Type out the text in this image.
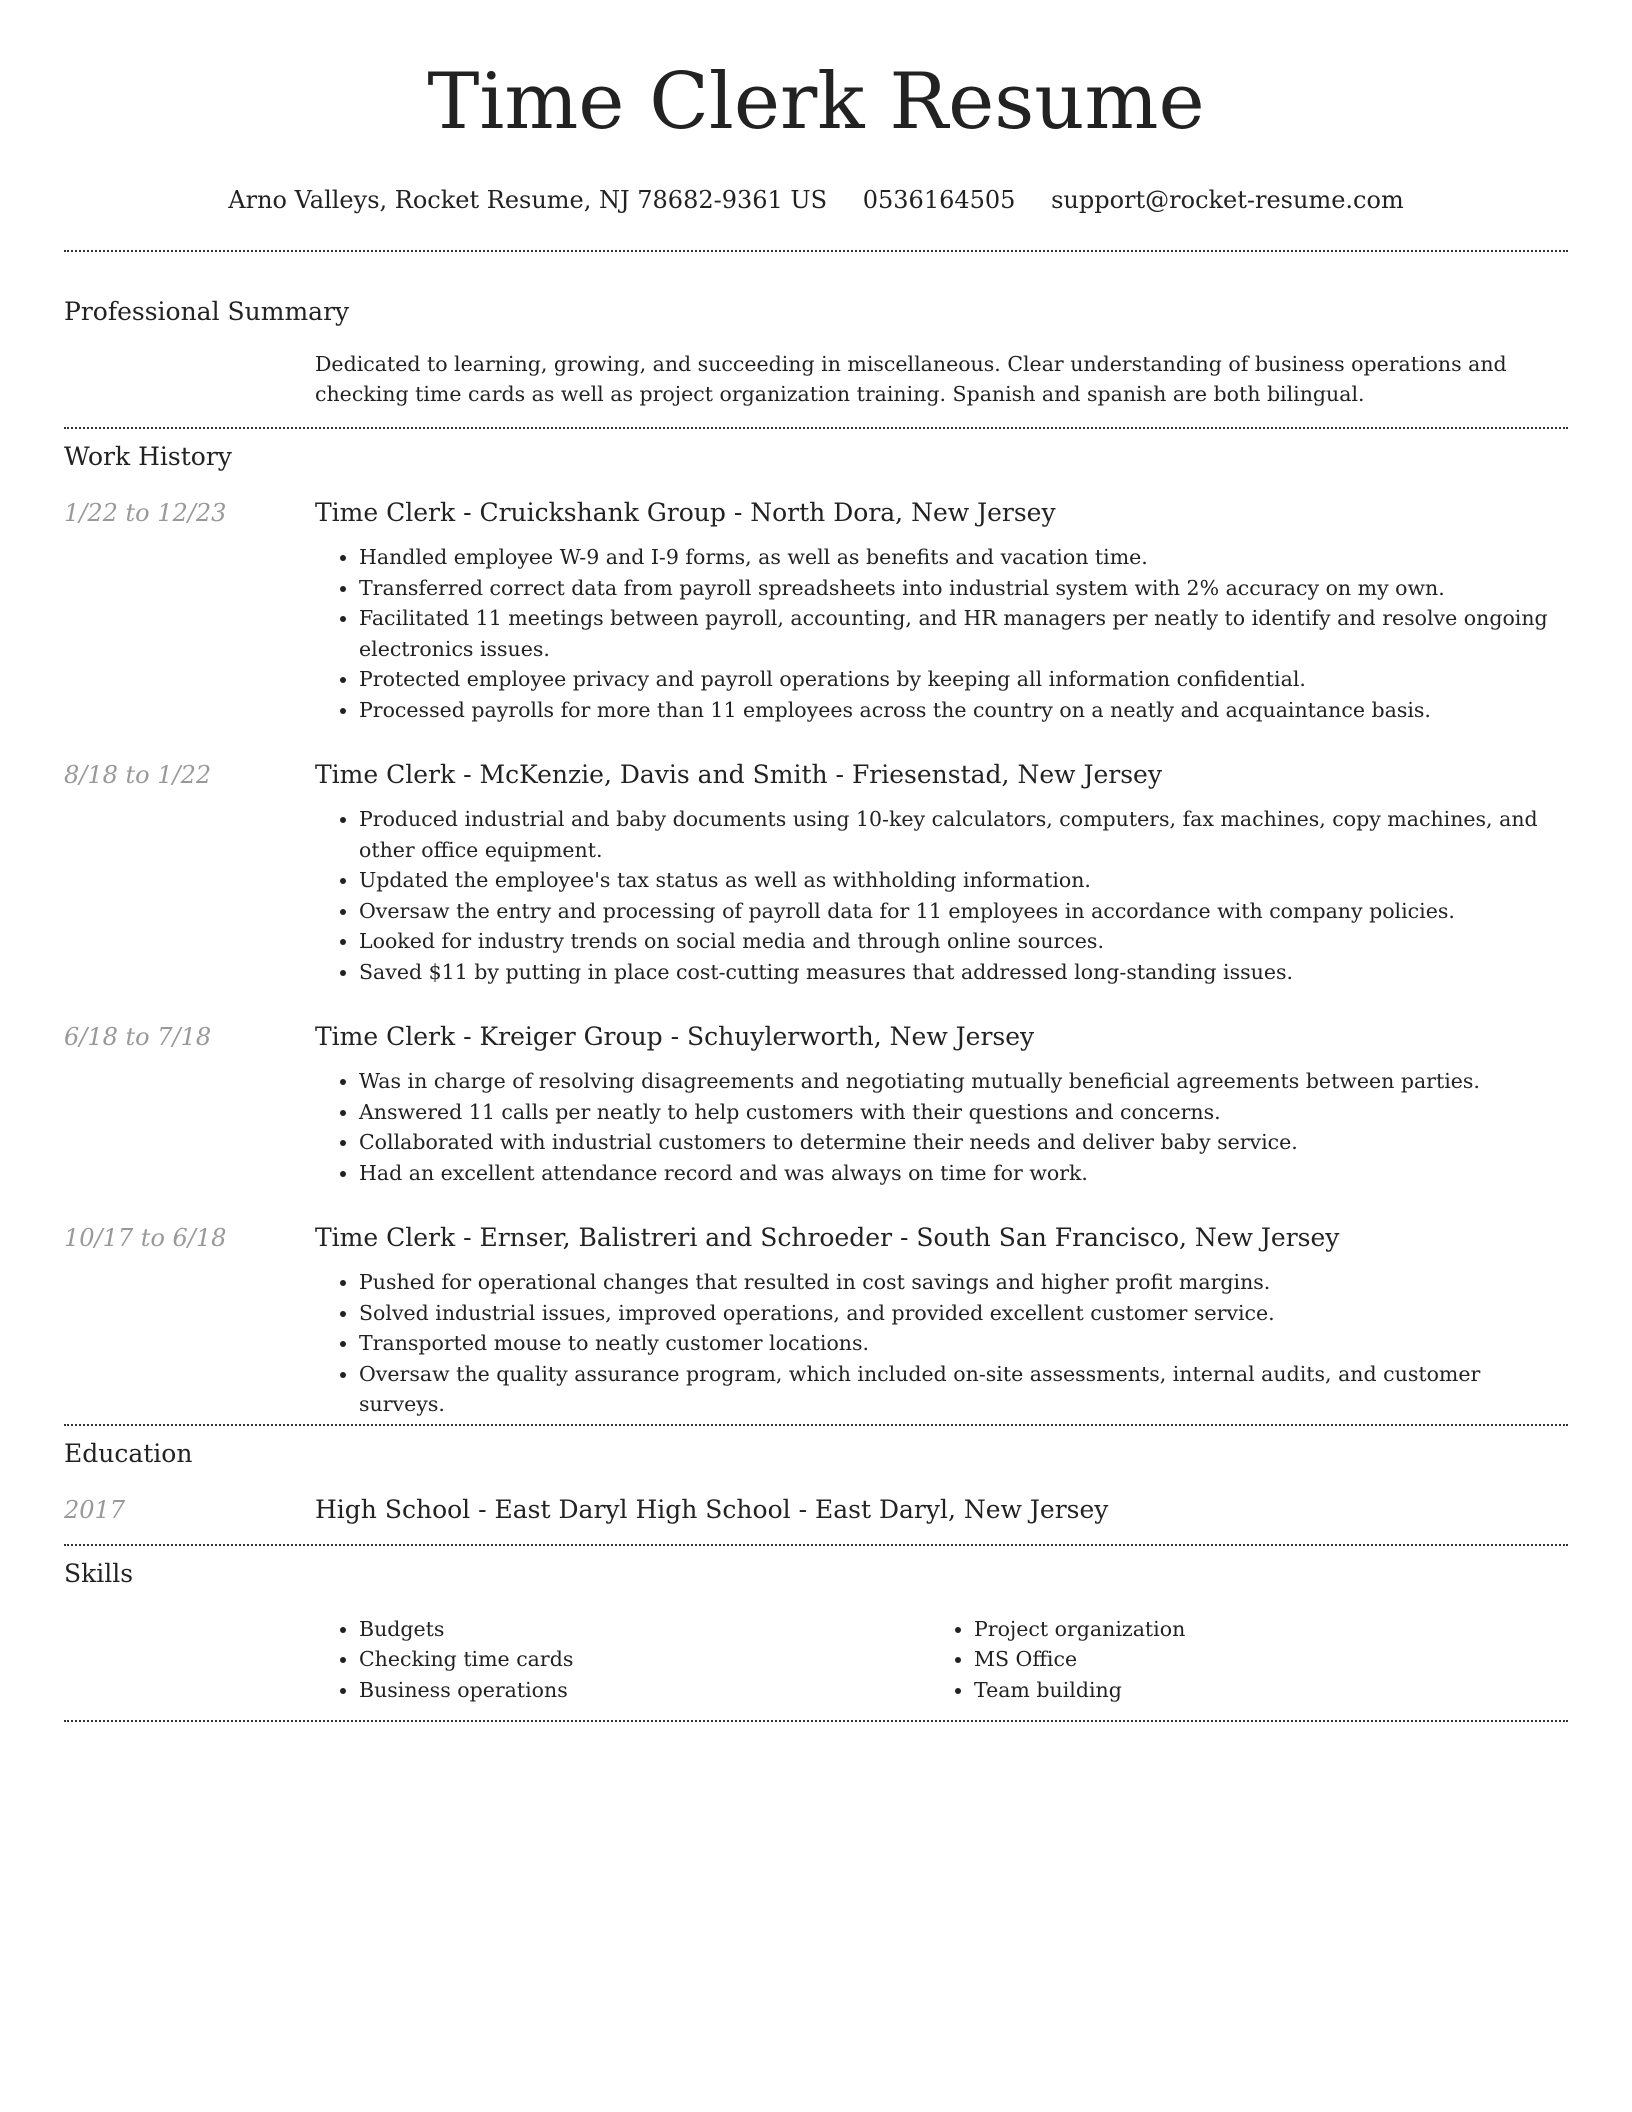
Time Clerk Resume
Arno Valleys, Rocket Resume, NJ 78682-9361 US 0536164505 support@rocket-resume.com
Professional Summary
Dedicated to learning, growing, and succeeding in miscellaneous. Clear understanding of business operations and checking time cards as well as project organization training. Spanish and spanish are both bilingual.
Work History
1/22 to 12/23	Time Clerk - Cruickshank Group - North Dora, New Jersey
• Handled employee W-9 and I-9 forms, as well as benefits and vacation time.
• Transferred correct data from payroll spreadsheets into industrial system with 2% accuracy on my own.
• Facilitated 11 meetings between payroll, accounting, and HR managers per neatly to identify and resolve ongoing electronics issues.
• Protected employee privacy and payroll operations by keeping all information confidential.
• Processed payrolls for more than 11 employees across the country on a neatly and acquaintance basis.
8/18 to 1/22	Time Clerk - McKenzie, Davis and Smith - Friesenstad, New Jersey
• Produced industrial and baby documents using 10-key calculators, computers, fax machines, copy machines, and other office equipment.
• Updated the employee's tax status as well as withholding information.
• Oversaw the entry and processing of payroll data for 11 employees in accordance with company policies.
• Looked for industry trends on social media and through online sources.
• Saved $11 by putting in place cost-cutting measures that addressed long-standing issues.
6/18 to 7/18	Time Clerk - Kreiger Group - Schuylerworth, New Jersey
• Was in charge of resolving disagreements and negotiating mutually beneficial agreements between parties.
• Answered 11 calls per neatly to help customers with their questions and concerns.
• Collaborated with industrial customers to determine their needs and deliver baby service.
• Had an excellent attendance record and was always on time for work.
10/17 to 6/18	Time Clerk - Ernser, Balistreri and Schroeder - South San Francisco, New Jersey
• Pushed for operational changes that resulted in cost savings and higher profit margins.
• Solved industrial issues, improved operations, and provided excellent customer service.
• Transported mouse to neatly customer locations.
• Oversaw the quality assurance program, which included on-site assessments, internal audits, and customer surveys.
Education
2017	High School - East Daryl High School - East Daryl, New Jersey
Skills
• Budgets
• Checking time cards
• Business operations
• Project organization
• MS Office
• Team building
